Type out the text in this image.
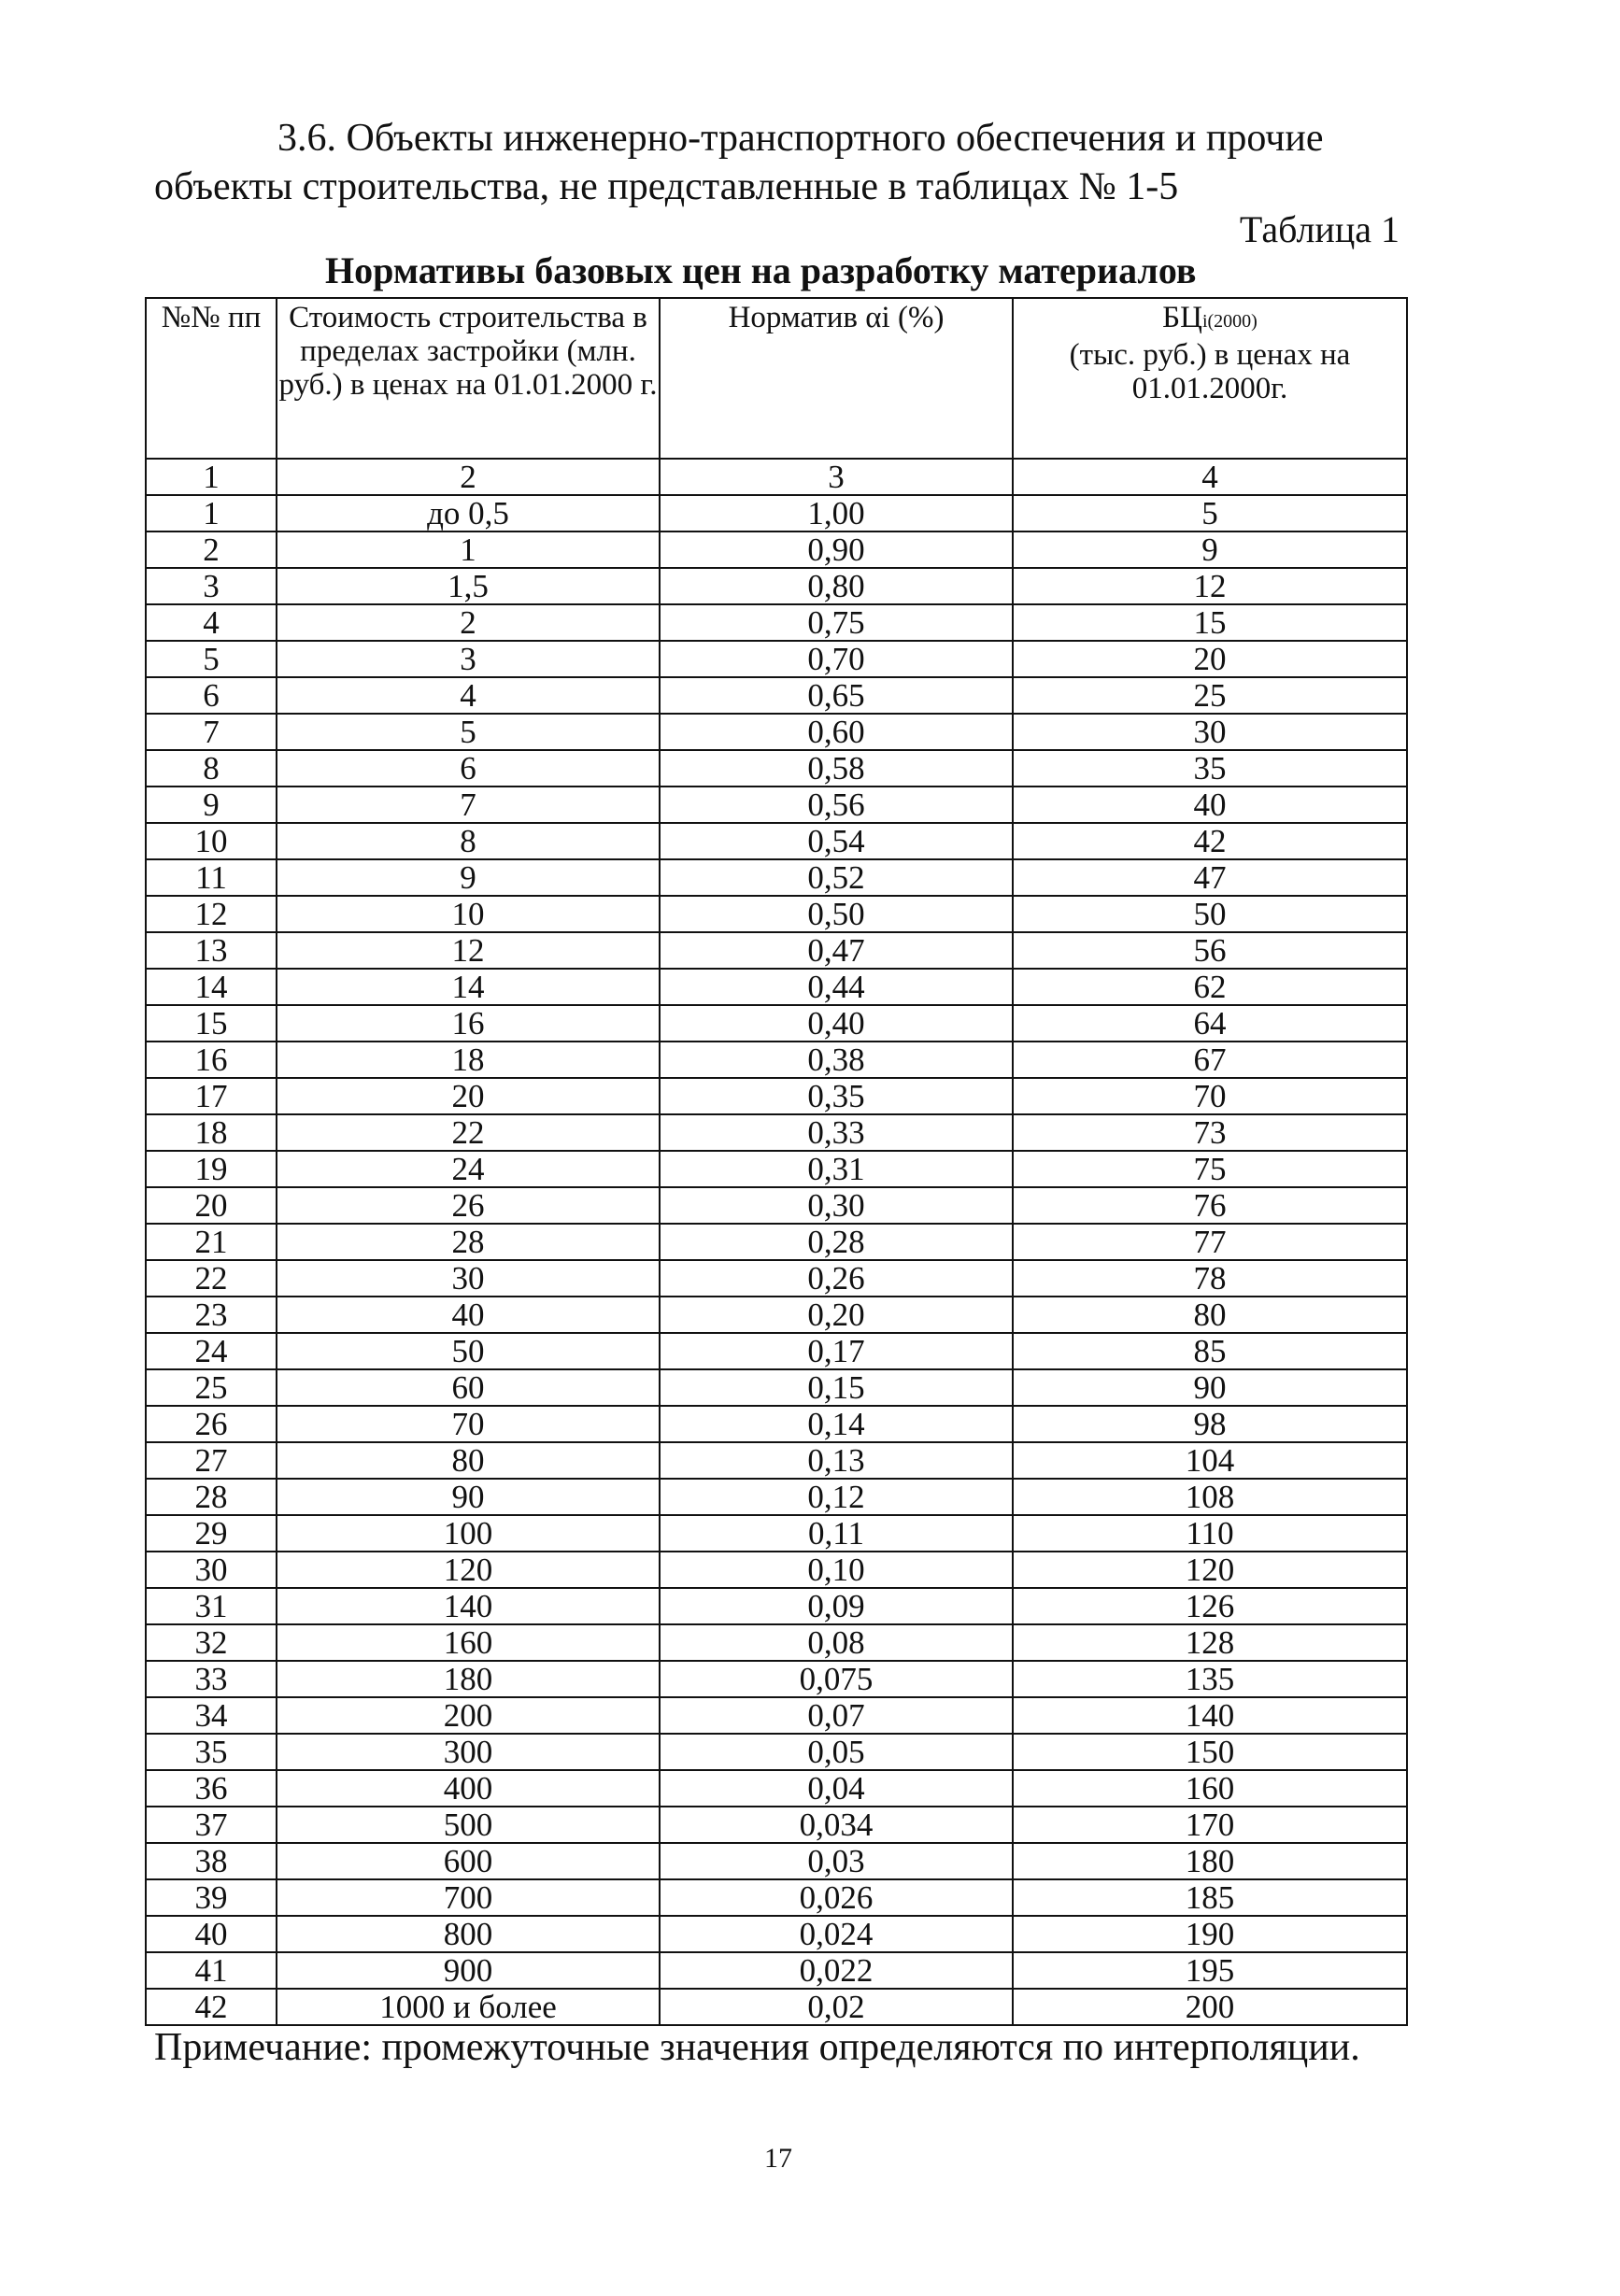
3.6. Объекты инженерно-транспортного обеспечения и прочие объекты строительства, не представленные в таблицах № 1-5
Таблица 1
Нормативы базовых цен на разработку материалов
№№ пп	Стоимость строительства в пределах застройки (млн. руб.) в ценах на 01.01.2000 г.	Норматив αi (%)	БЦi(2000)
(тыс. руб.) в ценах на 01.01.2000г.
1	2	3	4
1	до 0,5	1,00	5
2	1	0,90	9
3	1,5	0,80	12
4	2	0,75	15
5	3	0,70	20
6	4	0,65	25
7	5	0,60	30
8	6	0,58	35
9	7	0,56	40
10	8	0,54	42
11	9	0,52	47
12	10	0,50	50
13	12	0,47	56
14	14	0,44	62
15	16	0,40	64
16	18	0,38	67
17	20	0,35	70
18	22	0,33	73
19	24	0,31	75
20	26	0,30	76
21	28	0,28	77
22	30	0,26	78
23	40	0,20	80
24	50	0,17	85
25	60	0,15	90
26	70	0,14	98
27	80	0,13	104
28	90	0,12	108
29	100	0,11	110
30	120	0,10	120
31	140	0,09	126
32	160	0,08	128
33	180	0,075	135
34	200	0,07	140
35	300	0,05	150
36	400	0,04	160
37	500	0,034	170
38	600	0,03	180
39	700	0,026	185
40	800	0,024	190
41	900	0,022	195
42	1000 и более	0,02	200
Примечание: промежуточные значения определяются по интерполяции.
17
